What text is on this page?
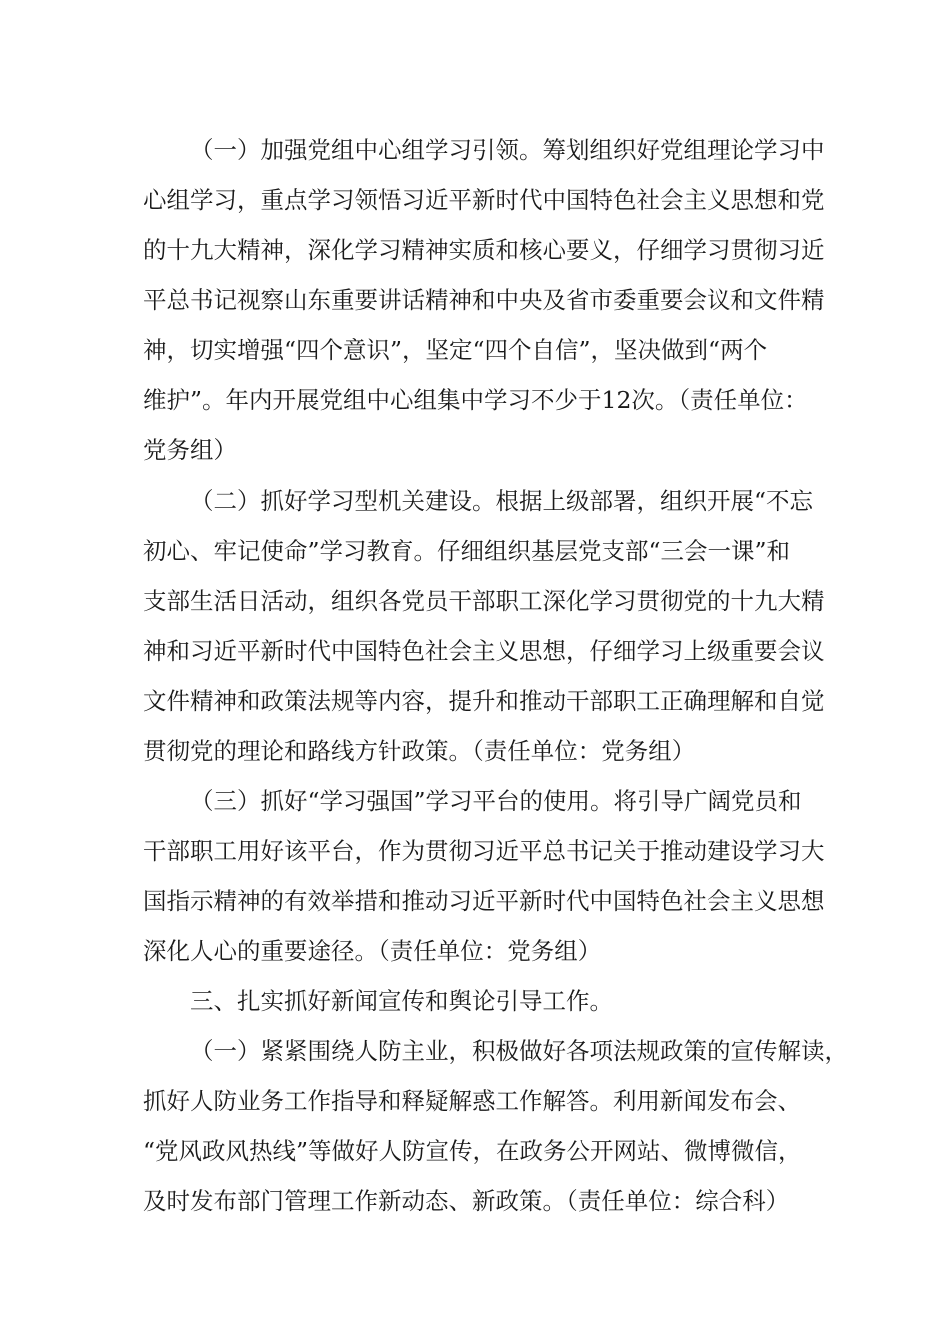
（一）加强党组中心组学习引领。筹划组织好党组理论学习中
心组学习，重点学习领悟习近平新时代中国特色社会主义思想和党
的十九大精神，深化学习精神实质和核心要义，仔细学习贯彻习近
平总书记视察山东重要讲话精神和中央及省市委重要会议和文件精
神，切实增强“四个意识”，坚定“四个自信”，坚决做到“两个
维护”。年内开展党组中心组集中学习不少于12次。（责任单位：
党务组）
（二）抓好学习型机关建设。根据上级部署，组织开展“不忘
初心、牢记使命”学习教育。仔细组织基层党支部“三会一课”和
支部生活日活动，组织各党员干部职工深化学习贯彻党的十九大精
神和习近平新时代中国特色社会主义思想，仔细学习上级重要会议
文件精神和政策法规等内容，提升和推动干部职工正确理解和自觉
贯彻党的理论和路线方针政策。（责任单位：党务组）
（三）抓好“学习强国”学习平台的使用。将引导广阔党员和
干部职工用好该平台，作为贯彻习近平总书记关于推动建设学习大
国指示精神的有效举措和推动习近平新时代中国特色社会主义思想
深化人心的重要途径。（责任单位：党务组）
三、扎实抓好新闻宣传和舆论引导工作。
（一）紧紧围绕人防主业，积极做好各项法规政策的宣传解读，
抓好人防业务工作指导和释疑解惑工作解答。利用新闻发布会、
“党风政风热线”等做好人防宣传，在政务公开网站、微博微信，
及时发布部门管理工作新动态、新政策。（责任单位：综合科）
